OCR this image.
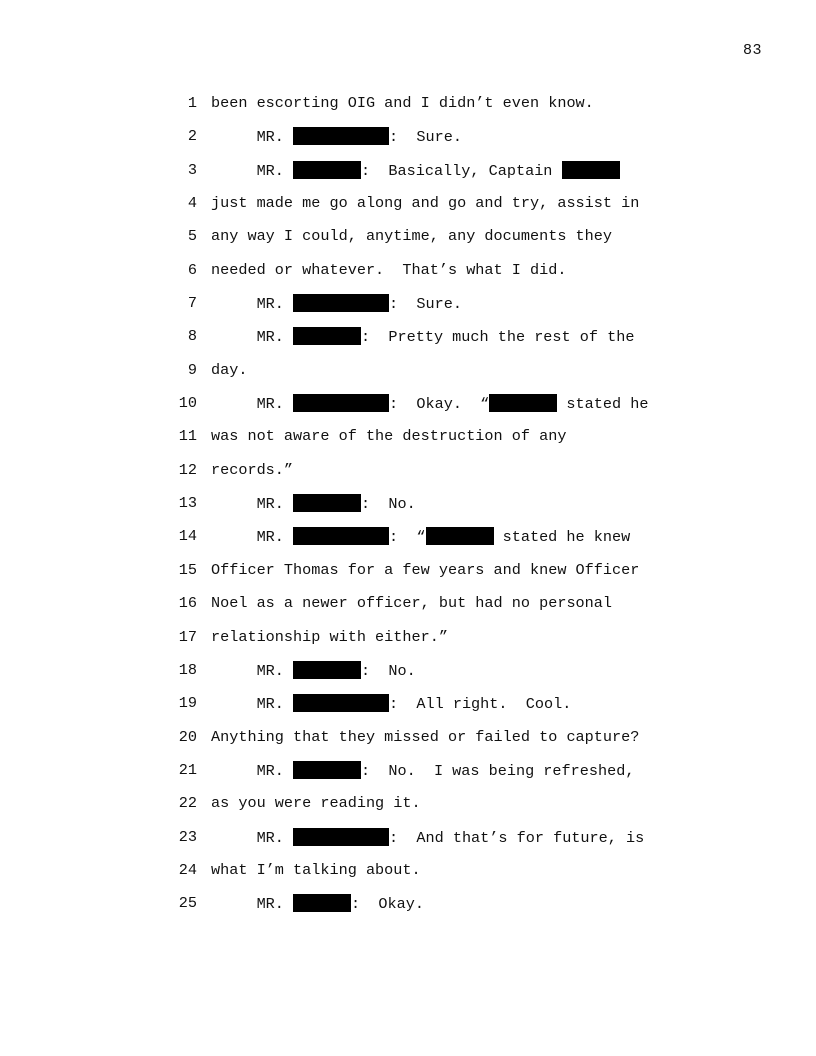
83
1 been escorting OIG and I didn’t even know.
2 MR.	:  Sure.
3 MR.	:  Basically, Captain
4 just made me go along and go and try, assist in
5 any way I could, anytime, any documents they
6 needed or whatever.  That’s what I did.
7 MR.	:  Sure.
8 MR.	:  Pretty much the rest of the
9 day.
10 MR.	:  Okay.  “	stated he
11 was not aware of the destruction of any
12 records.”
13 MR.	:  No.
14 MR.	:  “	stated he knew
15 Officer Thomas for a few years and knew Officer
16 Noel as a newer officer, but had no personal
17 relationship with either.”
18 MR.	:  No.
19 MR.	:  All right.  Cool.
20 Anything that they missed or failed to capture?
21 MR.	:  No.  I was being refreshed,
22 as you were reading it.
23 MR.	:  And that’s for future, is
24 what I’m talking about.
25 MR.	:  Okay.
